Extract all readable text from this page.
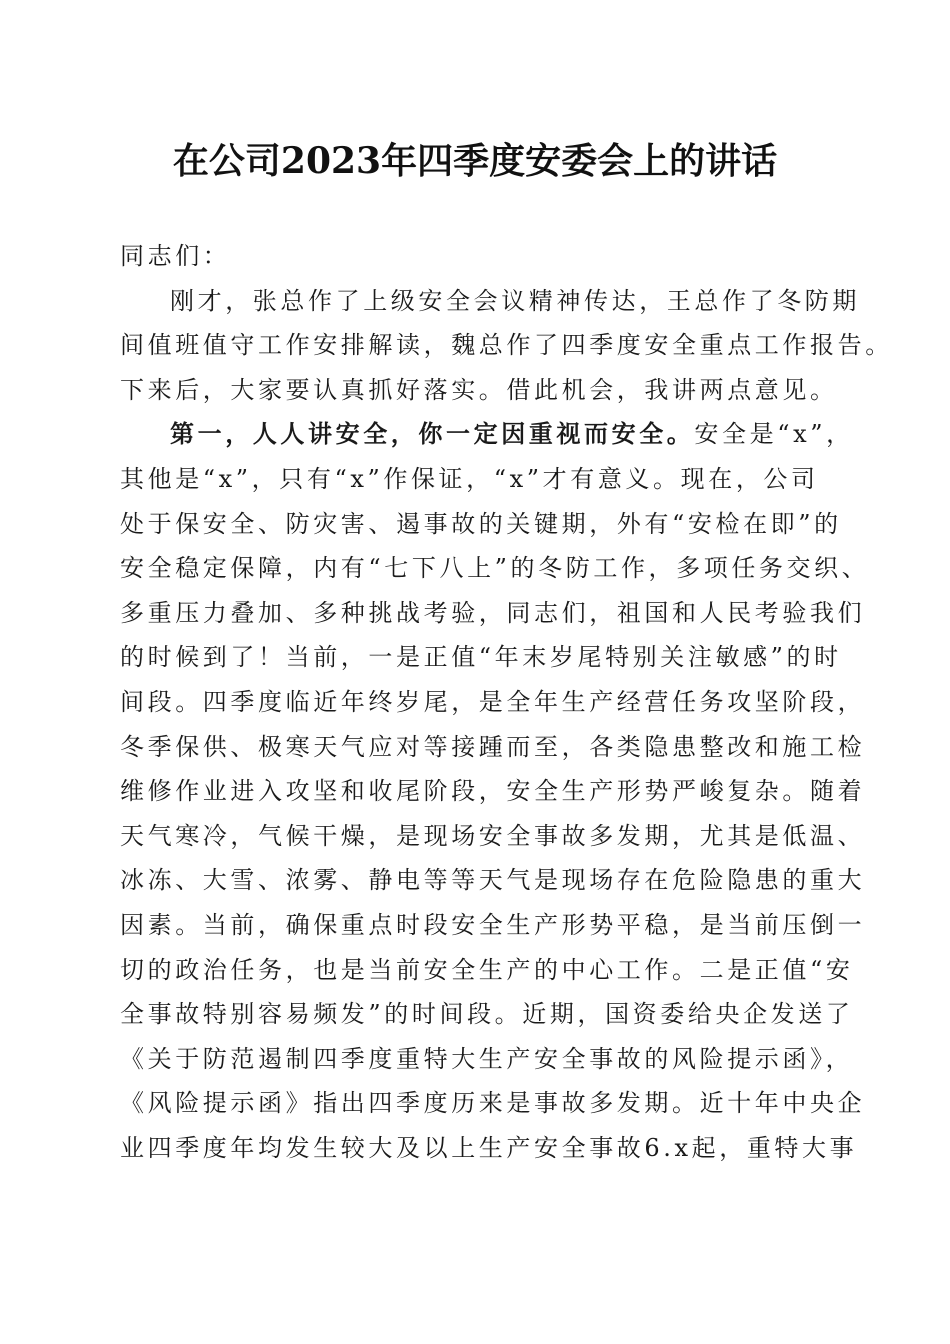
在公司2023年四季度安委会上的讲话
同志们：
刚才，张总作了上级安全会议精神传达，王总作了冬防期
间值班值守工作安排解读，魏总作了四季度安全重点工作报告。
下来后，大家要认真抓好落实。借此机会，我讲两点意见。
第一，人人讲安全，你一定因重视而安全。安全是“x”，
其他是“x”，只有“x”作保证，“x”才有意义。现在，公司
处于保安全、防灾害、遏事故的关键期，外有“安检在即”的
安全稳定保障，内有“七下八上”的冬防工作，多项任务交织、
多重压力叠加、多种挑战考验，同志们，祖国和人民考验我们
的时候到了！当前，一是正值“年末岁尾特别关注敏感”的时
间段。四季度临近年终岁尾，是全年生产经营任务攻坚阶段，
冬季保供、极寒天气应对等接踵而至，各类隐患整改和施工检
维修作业进入攻坚和收尾阶段，安全生产形势严峻复杂。随着
天气寒冷，气候干燥，是现场安全事故多发期，尤其是低温、
冰冻、大雪、浓雾、静电等等天气是现场存在危险隐患的重大
因素。当前，确保重点时段安全生产形势平稳，是当前压倒一
切的政治任务，也是当前安全生产的中心工作。二是正值“安
全事故特别容易频发”的时间段。近期，国资委给央企发送了
《关于防范遏制四季度重特大生产安全事故的风险提示函》，
《风险提示函》指出四季度历来是事故多发期。近十年中央企
业四季度年均发生较大及以上生产安全事故6.x起，重特大事
